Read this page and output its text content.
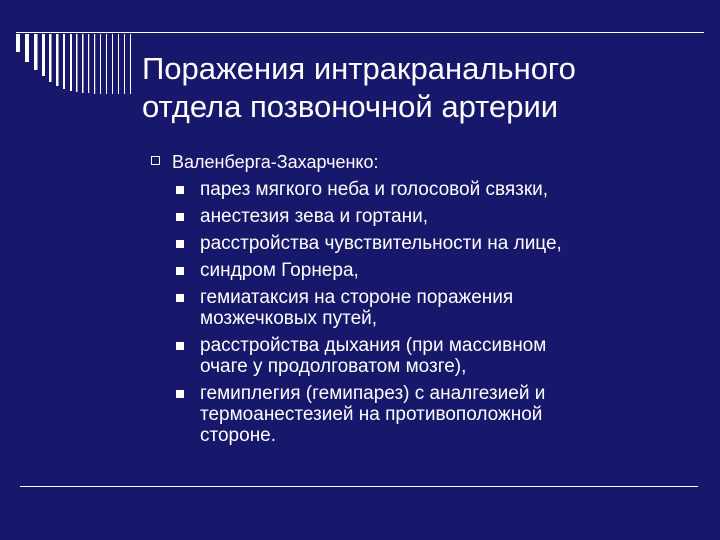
Поражения интракранального
отдела позвоночной артерии
Валенберга-Захарченко:
парез мягкого неба и голосовой связки,
анестезия зева и гортани,
расстройства чувствительности на лице,
синдром Горнера,
гемиатаксия на стороне поражения
мозжечковых путей,
расстройства дыхания (при массивном
очаге у продолговатом мозге),
гемиплегия (гемипарез) с аналгезией и
термоанестезией на противоположной
стороне.
